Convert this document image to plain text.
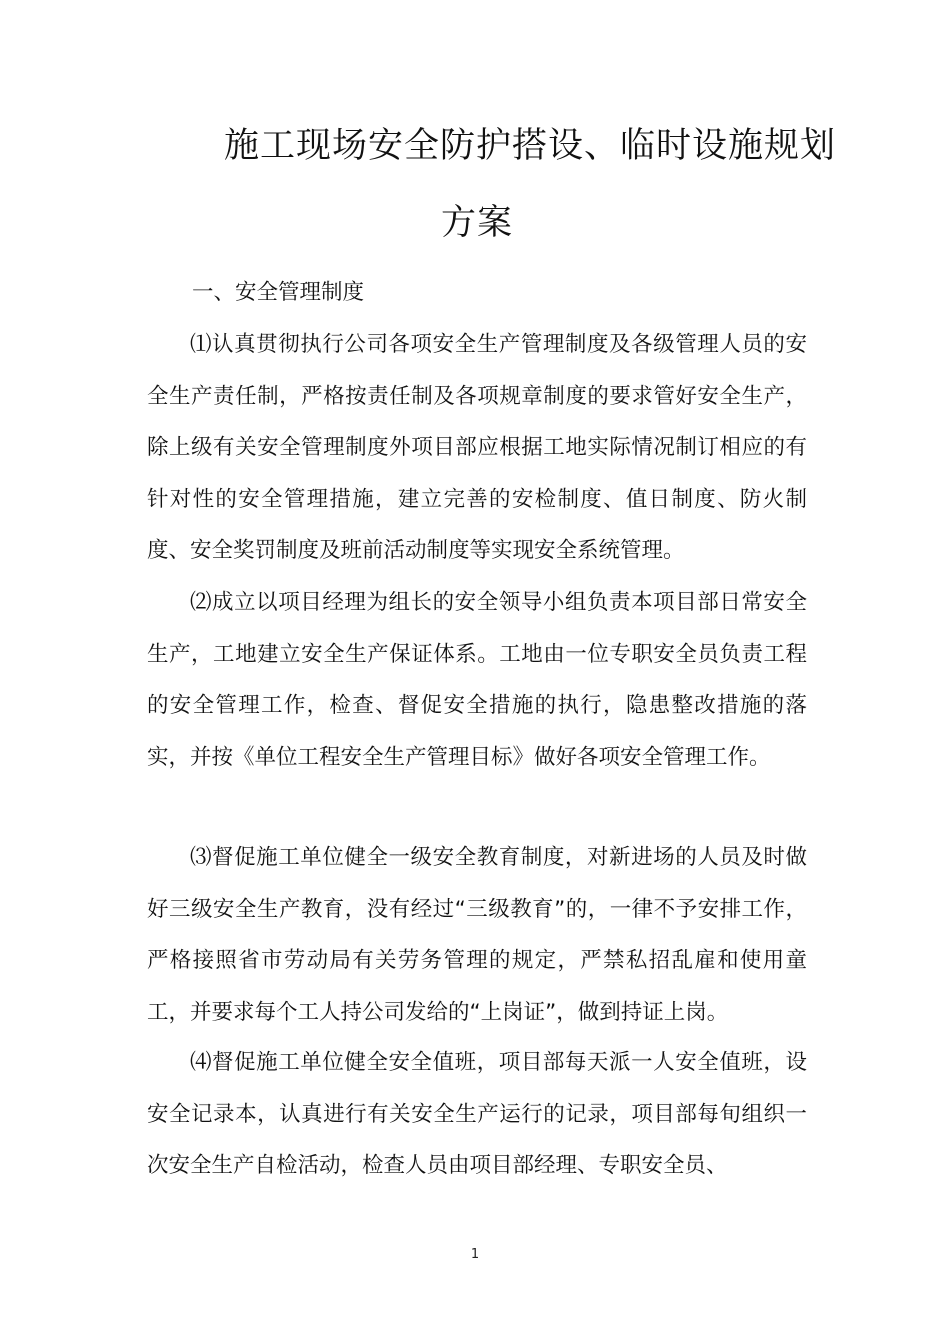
施工现场安全防护搭设、临时设施规划
方案
一、安全管理制度

⑴认真贯彻执行公司各项安全生产管理制度及各级管理人员的安全生产责任制，严格按责任制及各项规章制度的要求管好安全生产，除上级有关安全管理制度外项目部应根据工地实际情况制订相应的有针对性的安全管理措施，建立完善的安检制度、值日制度、防火制度、安全奖罚制度及班前活动制度等实现安全系统管理。

⑵成立以项目经理为组长的安全领导小组负责本项目部日常安全生产，工地建立安全生产保证体系。工地由一位专职安全员负责工程的安全管理工作，检查、督促安全措施的执行，隐患整改措施的落实，并按《单位工程安全生产管理目标》做好各项安全管理工作。

⑶督促施工单位健全一级安全教育制度，对新进场的人员及时做好三级安全生产教育，没有经过“三级教育”的，一律不予安排工作，严格接照省市劳动局有关劳务管理的规定，严禁私招乱雇和使用童工，并要求每个工人持公司发给的“上岗证”，做到持证上岗。

⑷督促施工单位健全安全值班，项目部每天派一人安全值班，设安全记录本，认真进行有关安全生产运行的记录，项目部每旬组织一次安全生产自检活动，检查人员由项目部经理、专职安全员、

1
